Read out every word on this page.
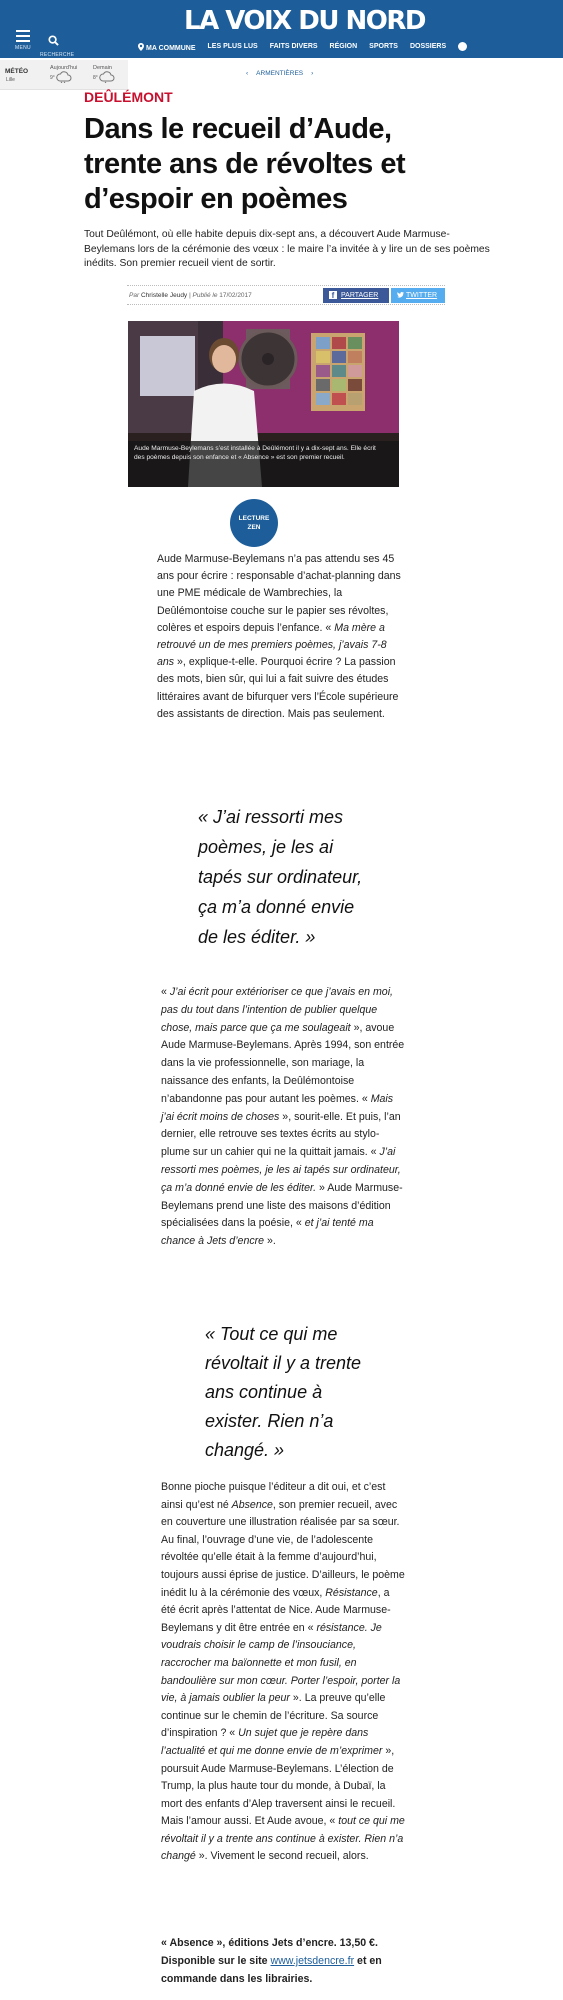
MENU
RECHERCHE
LA VOIX DU NORD
MA COMMUNE LES PLUS LUS FAITS DIVERS RÉGION SPORTS DOSSIERS +
MÉTÉO
Lille
Aujourd'hui
9°
Demain
8°
‹ ARMENTIÈRES ›
DEÛLÉMONT
Dans le recueil d’Aude, trente ans de révoltes et d’espoir en poèmes

Tout Deûlémont, où elle habite depuis dix-sept ans, a découvert Aude Marmuse-Beylemans lors de la cérémonie des vœux : le maire l’a invitée à y lire un de ses poèmes inédits. Son premier recueil vient de sortir.

Par Christelle Jeudy | Publié le 17/02/2017	f PARTAGER	TWITTER
Aude Marmuse-Beylemans s’est installée à Deûlémont il y a dix-sept ans. Elle écrit des poèmes depuis son enfance et « Absence » est son premier recueil.
LECTURE
ZEN

Aude Marmuse-Beylemans n’a pas attendu ses 45 ans pour écrire : responsable d’achat-planning dans une PME médicale de Wambrechies, la Deûlémontoise couche sur le papier ses révoltes, colères et espoirs depuis l’enfance. « Ma mère a retrouvé un de mes premiers poèmes, j’avais 7-8 ans », explique-t-elle. Pourquoi écrire ? La passion des mots, bien sûr, qui lui a fait suivre des études littéraires avant de bifurquer vers l’École supérieure des assistants de direction. Mais pas seulement.

« J’ai ressorti mes poèmes, je les ai tapés sur ordinateur, ça m’a donné envie de les éditer. »

« J’ai écrit pour extérioriser ce que j’avais en moi, pas du tout dans l’intention de publier quelque chose, mais parce que ça me soulageait », avoue Aude Marmuse-Beylemans. Après 1994, son entrée dans la vie professionnelle, son mariage, la naissance des enfants, la Deûlémontoise n’abandonne pas pour autant les poèmes. « Mais j’ai écrit moins de choses », sourit-elle. Et puis, l’an dernier, elle retrouve ses textes écrits au stylo-plume sur un cahier qui ne la quittait jamais. « J’ai ressorti mes poèmes, je les ai tapés sur ordinateur, ça m’a donné envie de les éditer. » Aude Marmuse-Beylemans prend une liste des maisons d’édition spécialisées dans la poésie, « et j’ai tenté ma chance à Jets d’encre ».

« Tout ce qui me révoltait il y a trente ans continue à exister. Rien n’a changé. »

Bonne pioche puisque l’éditeur a dit oui, et c’est ainsi qu’est né Absence, son premier recueil, avec en couverture une illustration réalisée par sa sœur. Au final, l’ouvrage d’une vie, de l’adolescente révoltée qu’elle était à la femme d’aujourd’hui, toujours aussi éprise de justice. D’ailleurs, le poème inédit lu à la cérémonie des vœux, Résistance, a été écrit après l’attentat de Nice. Aude Marmuse-Beylemans y dit être entrée en « résistance. Je voudrais choisir le camp de l’insouciance, raccrocher ma baïonnette et mon fusil, en bandoulière sur mon cœur. Porter l’espoir, porter la vie, à jamais oublier la peur ». La preuve qu’elle continue sur le chemin de l’écriture. Sa source d’inspiration ? « Un sujet que je repère dans l’actualité et qui me donne envie de m’exprimer », poursuit Aude Marmuse-Beylemans. L’élection de Trump, la plus haute tour du monde, à Dubaï, la mort des enfants d’Alep traversent ainsi le recueil. Mais l’amour aussi. Et Aude avoue, « tout ce qui me révoltait il y a trente ans continue à exister. Rien n’a changé ». Vivement le second recueil, alors.

« Absence », éditions Jets d’encre. 13,50 €. Disponible sur le site www.jetsdencre.fr et en commande dans les librairies.
